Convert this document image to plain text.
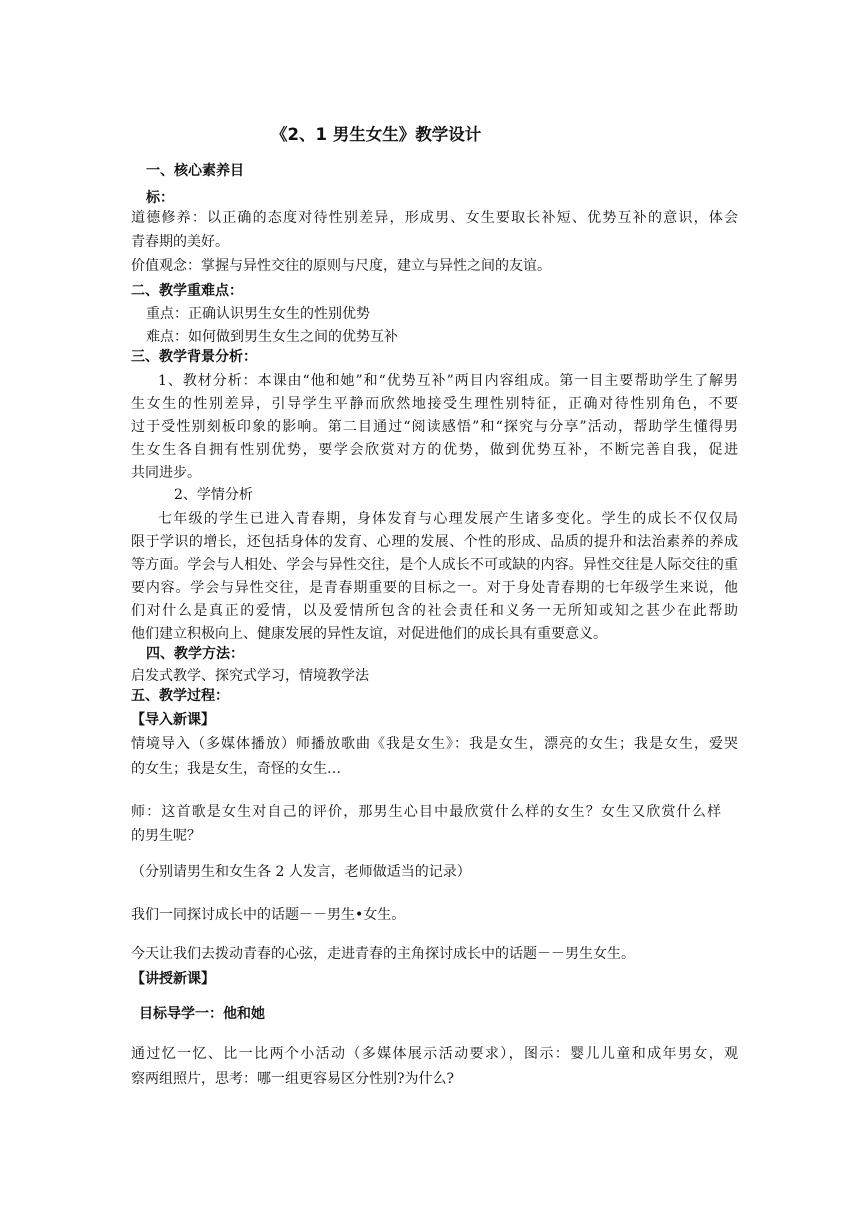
《2、1 男生女生》教学设计
一、核心素养目
标：
道德修养：以正确的态度对待性别差异，形成男、女生要取长补短、优势互补的意识，体会
青春期的美好。
价值观念：掌握与异性交往的原则与尺度，建立与异性之间的友谊。
二、教学重难点：
重点：正确认识男生女生的性别优势
难点：如何做到男生女生之间的优势互补
三、教学背景分析：
1、教材分析：本课由“他和她”和“优势互补”两目内容组成。第一目主要帮助学生了解男
生女生的性别差异，引导学生平静而欣然地接受生理性别特征，正确对待性别角色，不要
过于受性别刻板印象的影响。第二目通过“阅读感悟”和“探究与分享”活动，帮助学生懂得男
生女生各自拥有性别优势，要学会欣赏对方的优势，做到优势互补，不断完善自我，促进
共同进步。
2、学情分析
七年级的学生已进入青春期，身体发育与心理发展产生诸多变化。学生的成长不仅仅局
限于学识的增长，还包括身体的发育、心理的发展、个性的形成、品质的提升和法治素养的养成
等方面。学会与人相处、学会与异性交往，是个人成长不可或缺的内容。异性交往是人际交往的重
要内容。学会与异性交往，是青春期重要的目标之一。对于身处青春期的七年级学生来说，他
们对什么是真正的爱情，以及爱情所包含的社会责任和义务一无所知或知之甚少在此帮助
他们建立积极向上、健康发展的异性友谊，对促进他们的成长具有重要意义。
四、教学方法：
启发式教学、探究式学习，情境教学法
五、教学过程：
【导入新课】
情境导入（多媒体播放）师播放歌曲《我是女生》：我是女生，漂亮的女生；我是女生，爱哭
的女生；我是女生，奇怪的女生…
师：这首歌是女生对自己的评价，那男生心目中最欣赏什么样的女生？女生又欣赏什么样
的男生呢？
（分别请男生和女生各 2 人发言，老师做适当的记录）
我们一同探讨成长中的话题－－男生•女生。
今天让我们去拨动青春的心弦，走进青春的主角探讨成长中的话题－－男生女生。
【讲授新课】
目标导学一：他和她
通过忆一忆、比一比两个小活动（多媒体展示活动要求），图示：婴儿儿童和成年男女，观
察两组照片，思考：哪一组更容易区分性别?为什么?
